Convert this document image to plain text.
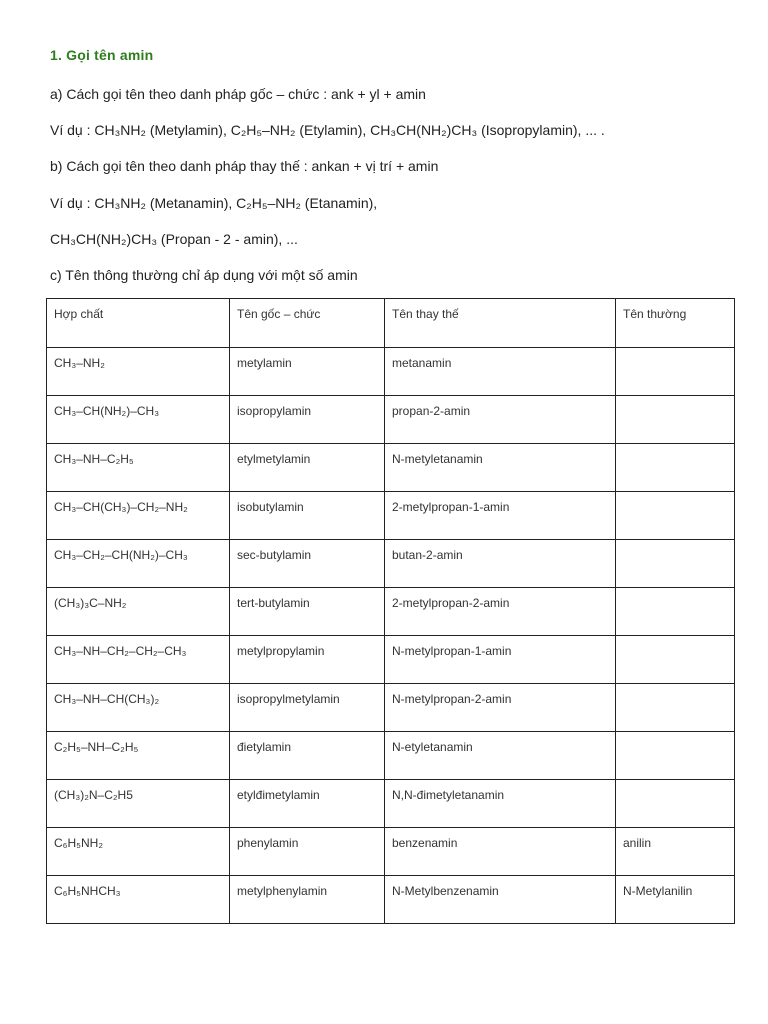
1. Gọi tên amin
a) Cách gọi tên theo danh pháp gốc – chức : ank + yl + amin
Ví dụ : CH₃NH₂ (Metylamin), C₂H₅–NH₂ (Etylamin), CH₃CH(NH₂)CH₃ (Isopropylamin), ... .
b) Cách gọi tên theo danh pháp thay thế : ankan + vị trí + amin
Ví dụ : CH₃NH₂ (Metanamin), C₂H₅–NH₂ (Etanamin),
CH₃CH(NH₂)CH₃ (Propan - 2 - amin), ...
c) Tên thông thường chỉ áp dụng với một số amin
Hợp chất	Tên gốc – chức	Tên thay thế	Tên thường
CH₃–NH₂	metylamin	metanamin	
CH₃–CH(NH₂)–CH₃	isopropylamin	propan-2-amin	
CH₃–NH–C₂H₅	etylmetylamin	N-metyletanamin	
CH₃–CH(CH₃)–CH₂–NH₂	isobutylamin	2-metylpropan-1-amin	
CH₃–CH₂–CH(NH₂)–CH₃	sec-butylamin	butan-2-amin	
(CH₃)₃C–NH₂	tert-butylamin	2-metylpropan-2-amin	
CH₃–NH–CH₂–CH₂–CH₃	metylpropylamin	N-metylpropan-1-amin	
CH₃–NH–CH(CH₃)₂	isopropylmetylamin	N-metylpropan-2-amin	
C₂H₅–NH–C₂H₅	đietylamin	N-etyletanamin	
(CH₃)₂N–C₂H5	etylđimetylamin	N,N-đimetyletanamin	
C₆H₅NH₂	phenylamin	benzenamin	anilin
C₆H₅NHCH₃	metylphenylamin	N-Metylbenzenamin	N-Metylanilin
